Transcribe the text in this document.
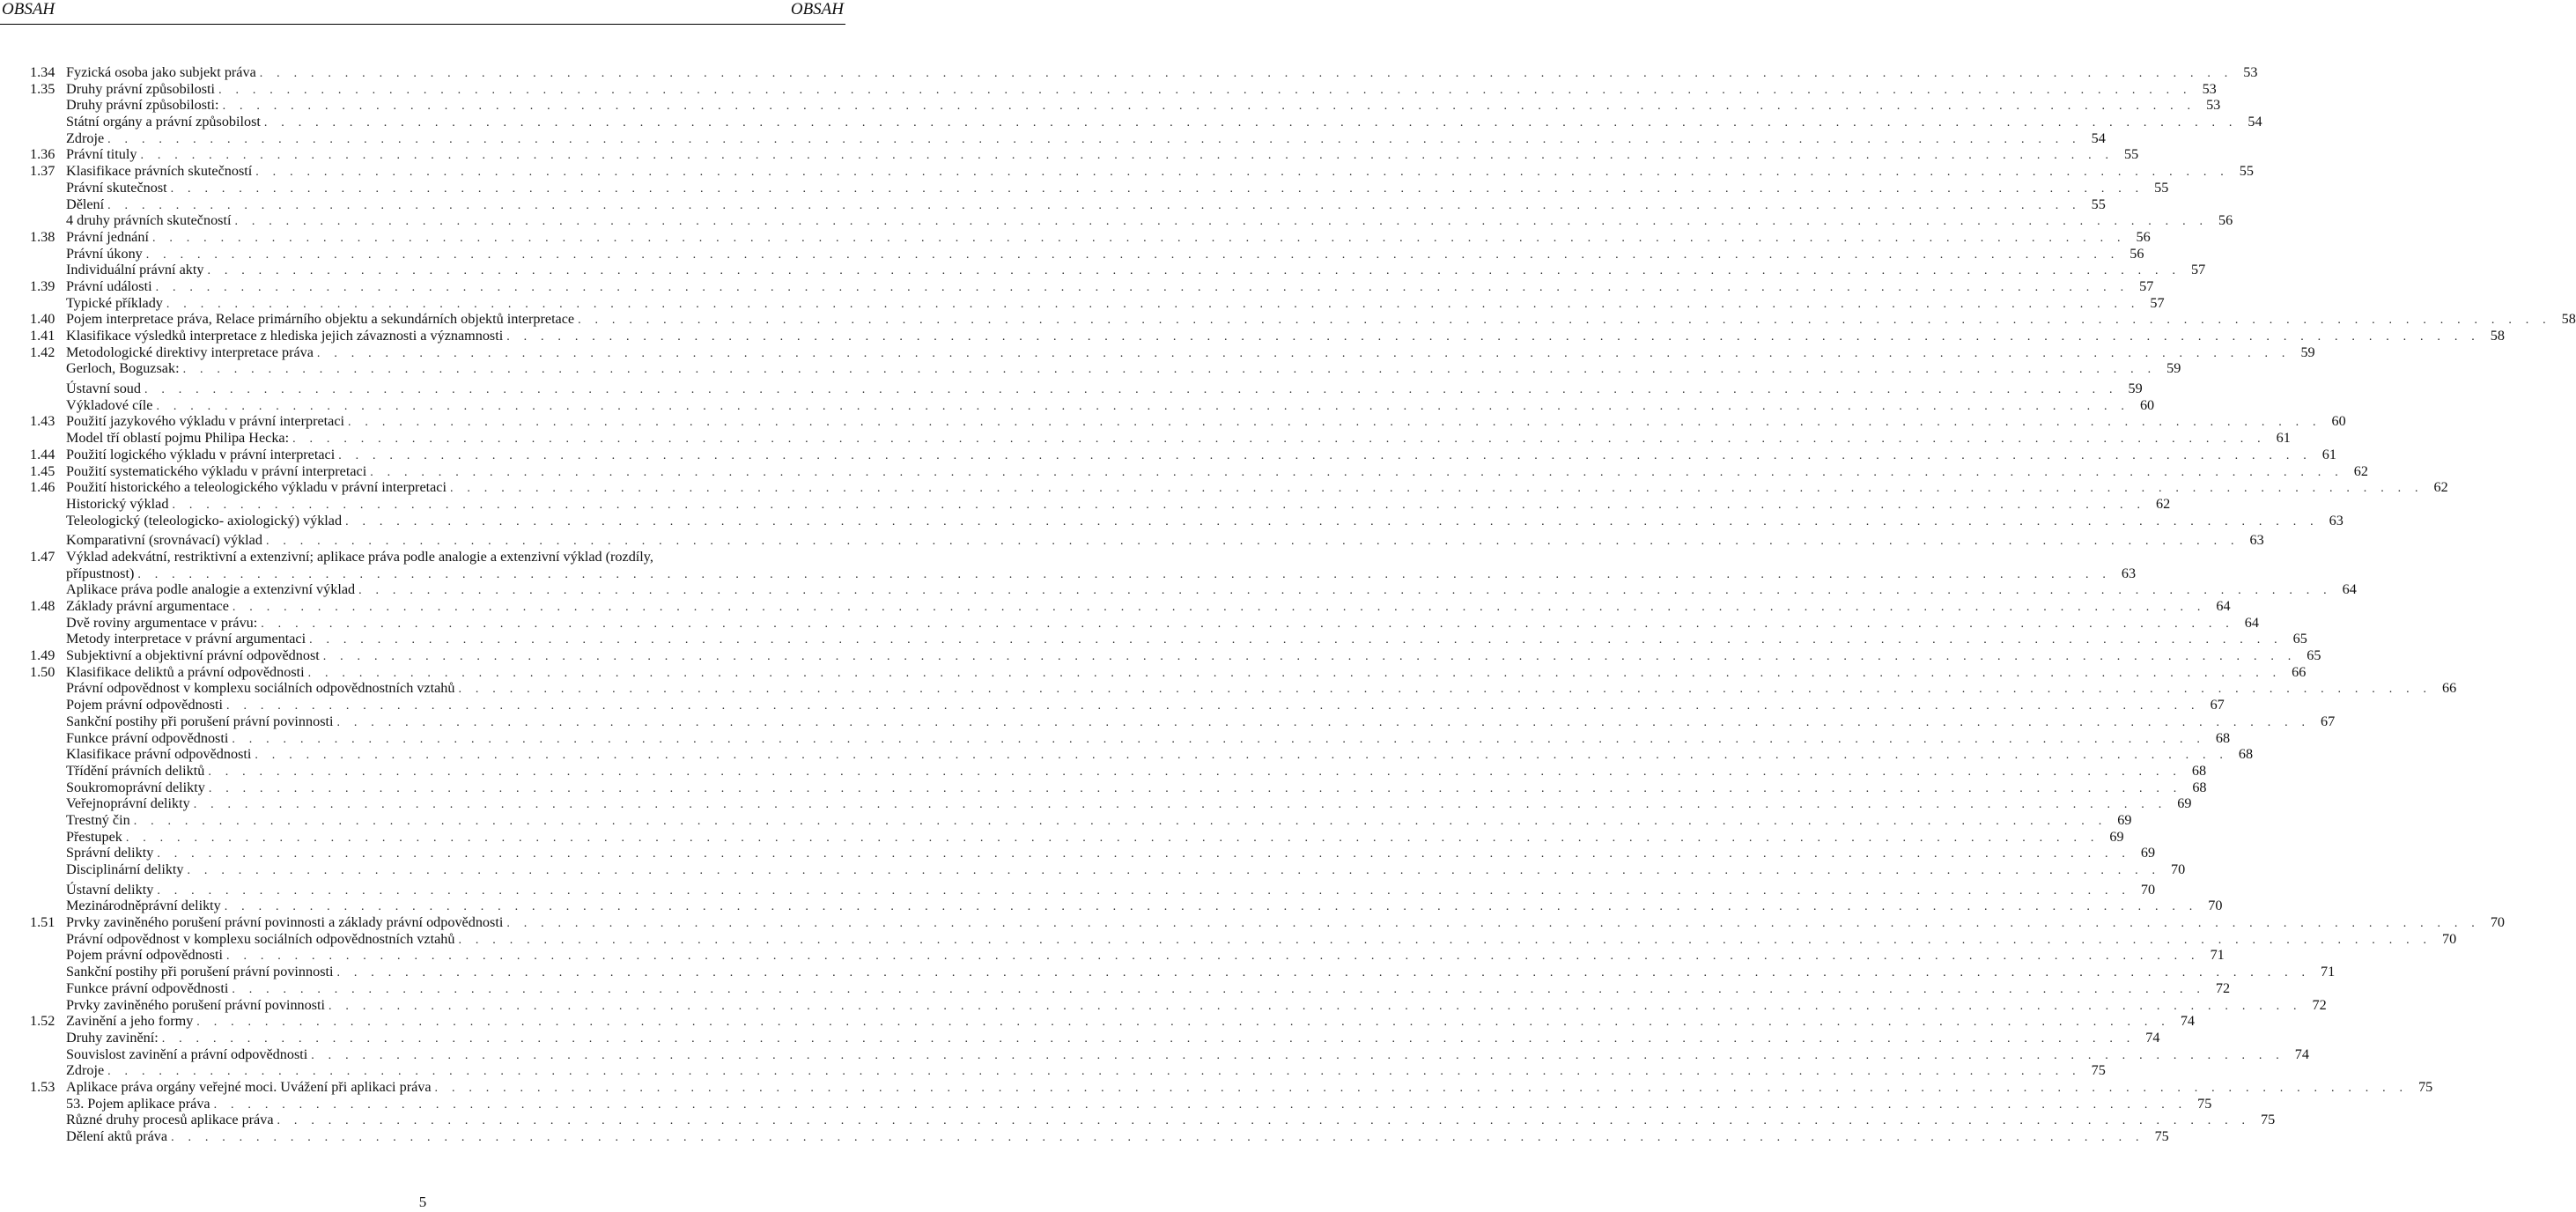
OBSAH	OBSAH
1.34 Fyzická osoba jako subjekt práva . . .	53
1.35 Druhy právní způsobilosti . . .	53
Druhy právní způsobilosti: . . .	53
Státní orgány a právní způsobilost . . .	54
Zdroje . . .	54
1.36 Právní tituly . . .	55
1.37 Klasifikace právních skutečností . . .	55
Právní skutečnost . . .	55
Dělení . . .	55
4 druhy právních skutečností . . .	56
1.38 Právní jednání . . .	56
Právní úkony . . .	56
Individuální právní akty . . .	57
1.39 Právní události . . .	57
Typické příklady . . .	57
1.40 Pojem interpretace práva, Relace primárního objektu a sekundárních objektů interpretace . . .	58
1.41 Klasifikace výsledků interpretace z hlediska jejich závaznosti a významnosti . . .	58
1.42 Metodologické direktivy interpretace práva . . .	59
Gerloch, Boguzsak: . . .	59
Ústavní soud . . .	59
Výkladové cíle . . .	60
1.43 Použití jazykového výkladu v právní interpretaci . . .	60
Model tří oblastí pojmu Philipa Hecka: . . .	61
1.44 Použití logického výkladu v právní interpretaci . . .	61
1.45 Použití systematického výkladu v právní interpretaci . . .	62
1.46 Použití historického a teleologického výkladu v právní interpretaci . . .	62
Historický výklad . . .	62
Teleologický (teleologicko- axiologický) výklad . . .	63
Komparativní (srovnávací) výklad . . .	63
1.47 Výklad adekvátní, restriktivní a extenzivní; aplikace práva podle analogie a extenzivní výklad (rozdíly,
přípustnost) . . .	63
Aplikace práva podle analogie a extenzivní výklad . . .	64
1.48 Základy právní argumentace . . .	64
Dvě roviny argumentace v právu: . . .	64
Metody interpretace v právní argumentaci . . .	65
1.49 Subjektivní a objektivní právní odpovědnost . . .	65
1.50 Klasifikace deliktů a právní odpovědnosti . . .	66
Právní odpovědnost v komplexu sociálních odpovědnostních vztahů . . .	66
Pojem právní odpovědnosti . . .	67
Sankční postihy při porušení právní povinnosti . . .	67
Funkce právní odpovědnosti . . .	68
Klasifikace právní odpovědnosti . . .	68
Třídění právních deliktů . . .	68
Soukromoprávní delikty . . .	68
Veřejnoprávní delikty . . .	69
Trestný čin . . .	69
Přestupek . . .	69
Správní delikty . . .	69
Disciplinární delikty . . .	70
Ústavní delikty . . .	70
Mezinárodněprávní delikty . . .	70
1.51 Prvky zaviněného porušení právní povinnosti a základy právní odpovědnosti . . .	70
Právní odpovědnost v komplexu sociálních odpovědnostních vztahů . . .	70
Pojem právní odpovědnosti . . .	71
Sankční postihy při porušení právní povinnosti . . .	71
Funkce právní odpovědnosti . . .	72
Prvky zaviněného porušení právní povinnosti . . .	72
1.52 Zavinění a jeho formy . . .	74
Druhy zavinění: . . .	74
Souvislost zavinění a právní odpovědnosti . . .	74
Zdroje . . .	75
1.53 Aplikace práva orgány veřejné moci. Uvážení při aplikaci práva . . .	75
53. Pojem aplikace práva . . .	75
Různé druhy procesů aplikace práva . . .	75
Dělení aktů práva . . .	75
5
